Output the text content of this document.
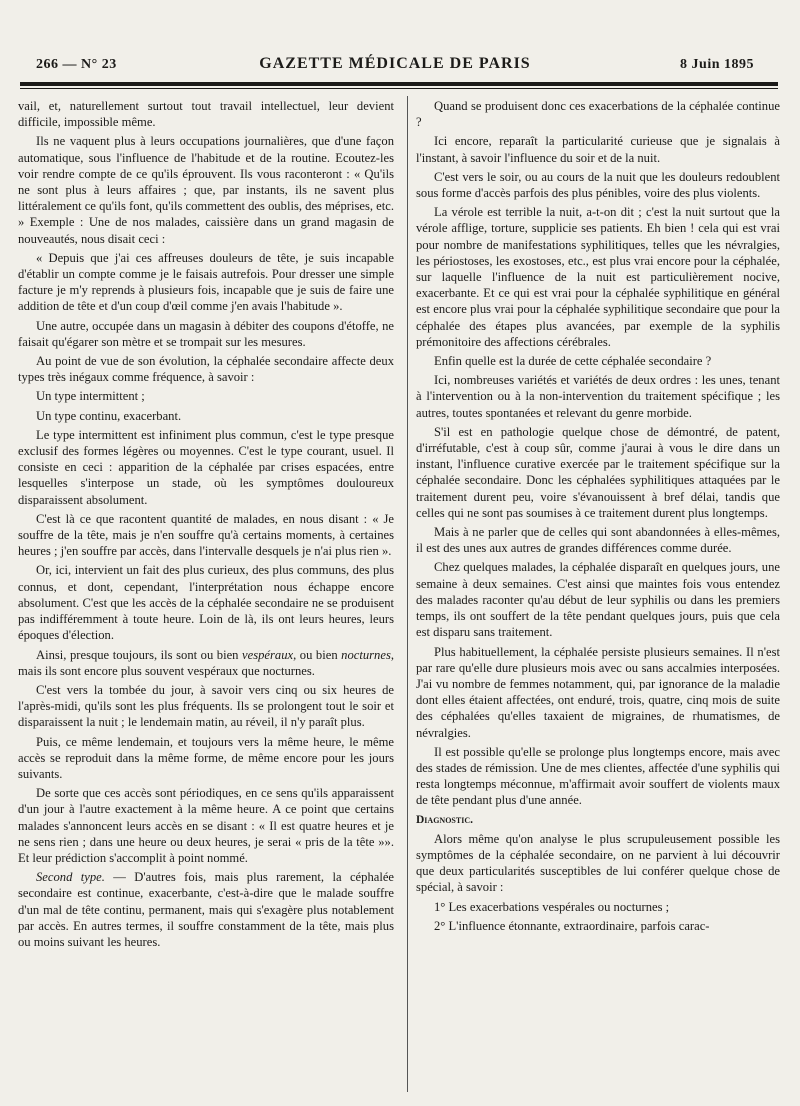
266 — N° 23	GAZETTE MÉDICALE DE PARIS	8 Juin 1895

vail, et, naturellement surtout tout travail intellectuel, leur devient difficile, impossible même.

Ils ne vaquent plus à leurs occupations journalières, que d'une façon automatique, sous l'influence de l'habitude et de la routine. Ecoutez-les voir rendre compte de ce qu'ils éprouvent. Ils vous raconteront : « Qu'ils ne sont plus à leurs affaires ; que, par instants, ils ne savent plus littéralement ce qu'ils font, qu'ils commettent des oublis, des méprises, etc. » Exemple : Une de nos malades, caissière dans un grand magasin de nouveautés, nous disait ceci :

« Depuis que j'ai ces affreuses douleurs de tête, je suis incapable d'établir un compte comme je le faisais autrefois. Pour dresser une simple facture je m'y reprends à plusieurs fois, incapable que je suis de faire une addition de tête et d'un coup d'œil comme j'en avais l'habitude ».

Une autre, occupée dans un magasin à débiter des coupons d'étoffe, ne faisait qu'égarer son mètre et se trompait sur les mesures.

Au point de vue de son évolution, la céphalée secondaire affecte deux types très inégaux comme fréquence, à savoir :

Un type intermittent ;

Un type continu, exacerbant.

Le type intermittent est infiniment plus commun, c'est le type presque exclusif des formes légères ou moyennes. C'est le type courant, usuel. Il consiste en ceci : apparition de la céphalée par crises espacées, entre lesquelles s'interpose un stade, où les symptômes douloureux disparaissent absolument.

C'est là ce que racontent quantité de malades, en nous disant : « Je souffre de la tête, mais je n'en souffre qu'à certains moments, à certaines heures ; j'en souffre par accès, dans l'intervalle desquels je n'ai plus rien ».

Or, ici, intervient un fait des plus curieux, des plus communs, des plus connus, et dont, cependant, l'interprétation nous échappe encore absolument. C'est que les accès de la céphalée secondaire ne se produisent pas indifféremment à toute heure. Loin de là, ils ont leurs heures, leurs époques d'élection.

Ainsi, presque toujours, ils sont ou bien vespéraux, ou bien nocturnes, mais ils sont encore plus souvent vespéraux que nocturnes.

C'est vers la tombée du jour, à savoir vers cinq ou six heures de l'après-midi, qu'ils sont les plus fréquents. Ils se prolongent tout le soir et disparaissent la nuit ; le lendemain matin, au réveil, il n'y paraît plus.

Puis, ce même lendemain, et toujours vers la même heure, le même accès se reproduit dans la même forme, de même encore pour les jours suivants.

De sorte que ces accès sont périodiques, en ce sens qu'ils apparaissent d'un jour à l'autre exactement à la même heure. A ce point que certains malades s'annoncent leurs accès en se disant : « Il est quatre heures et je ne sens rien ; dans une heure ou deux heures, je serai « pris de la tête »». Et leur prédiction s'accomplit à point nommé.

Second type. — D'autres fois, mais plus rarement, la céphalée secondaire est continue, exacerbante, c'est-à-dire que le malade souffre d'un mal de tête continu, permanent, mais qui s'exagère plus notablement par accès. En autres termes, il souffre constamment de la tête, mais plus ou moins suivant les heures.

Quand se produisent donc ces exacerbations de la céphalée continue ?

Ici encore, reparaît la particularité curieuse que je signalais à l'instant, à savoir l'influence du soir et de la nuit.

C'est vers le soir, ou au cours de la nuit que les douleurs redoublent sous forme d'accès parfois des plus pénibles, voire des plus violents.

La vérole est terrible la nuit, a-t-on dit ; c'est la nuit surtout que la vérole afflige, torture, supplicie ses patients. Eh bien ! cela qui est vrai pour nombre de manifestations syphilitiques, telles que les névralgies, les périostoses, les exostoses, etc., est plus vrai encore pour la céphalée, sur laquelle l'influence de la nuit est particulièrement nocive, exacerbante. Et ce qui est vrai pour la céphalée syphilitique en général est encore plus vrai pour la céphalée syphilitique secondaire que pour la céphalée des étapes plus avancées, par exemple de la syphilis prémonitoire des affections cérébrales.

Enfin quelle est la durée de cette céphalée secondaire ?

Ici, nombreuses variétés et variétés de deux ordres : les unes, tenant à l'intervention ou à la non-intervention du traitement spécifique ; les autres, toutes spontanées et relevant du genre morbide.

S'il est en pathologie quelque chose de démontré, de patent, d'irréfutable, c'est à coup sûr, comme j'aurai à vous le dire dans un instant, l'influence curative exercée par le traitement spécifique sur la céphalée secondaire. Donc les céphalées syphilitiques attaquées par le traitement durent peu, voire s'évanouissent à bref délai, tandis que celles qui ne sont pas soumises à ce traitement durent plus longtemps.

Mais à ne parler que de celles qui sont abandonnées à elles-mêmes, il est des unes aux autres de grandes différences comme durée.

Chez quelques malades, la céphalée disparaît en quelques jours, une semaine à deux semaines. C'est ainsi que maintes fois vous entendez des malades raconter qu'au début de leur syphilis ou dans les premiers temps, ils ont souffert de la tête pendant quelques jours, puis que cela est disparu sans traitement.

Plus habituellement, la céphalée persiste plusieurs semaines. Il n'est par rare qu'elle dure plusieurs mois avec ou sans accalmies interposées. J'ai vu nombre de femmes notamment, qui, par ignorance de la maladie dont elles étaient affectées, ont enduré, trois, quatre, cinq mois de suite des céphalées qu'elles taxaient de migraines, de rhumatismes, de névralgies.

Il est possible qu'elle se prolonge plus longtemps encore, mais avec des stades de rémission. Une de mes clientes, affectée d'une syphilis qui resta longtemps méconnue, m'affirmait avoir souffert de violents maux de tête pendant plus d'une année.

Diagnostic.

Alors même qu'on analyse le plus scrupuleusement possible les symptômes de la céphalée secondaire, on ne parvient à lui découvrir que deux particularités susceptibles de lui conférer quelque chose de spécial, à savoir :

1° Les exacerbations vespérales ou nocturnes ;

2° L'influence étonnante, extraordinaire, parfois carac-
